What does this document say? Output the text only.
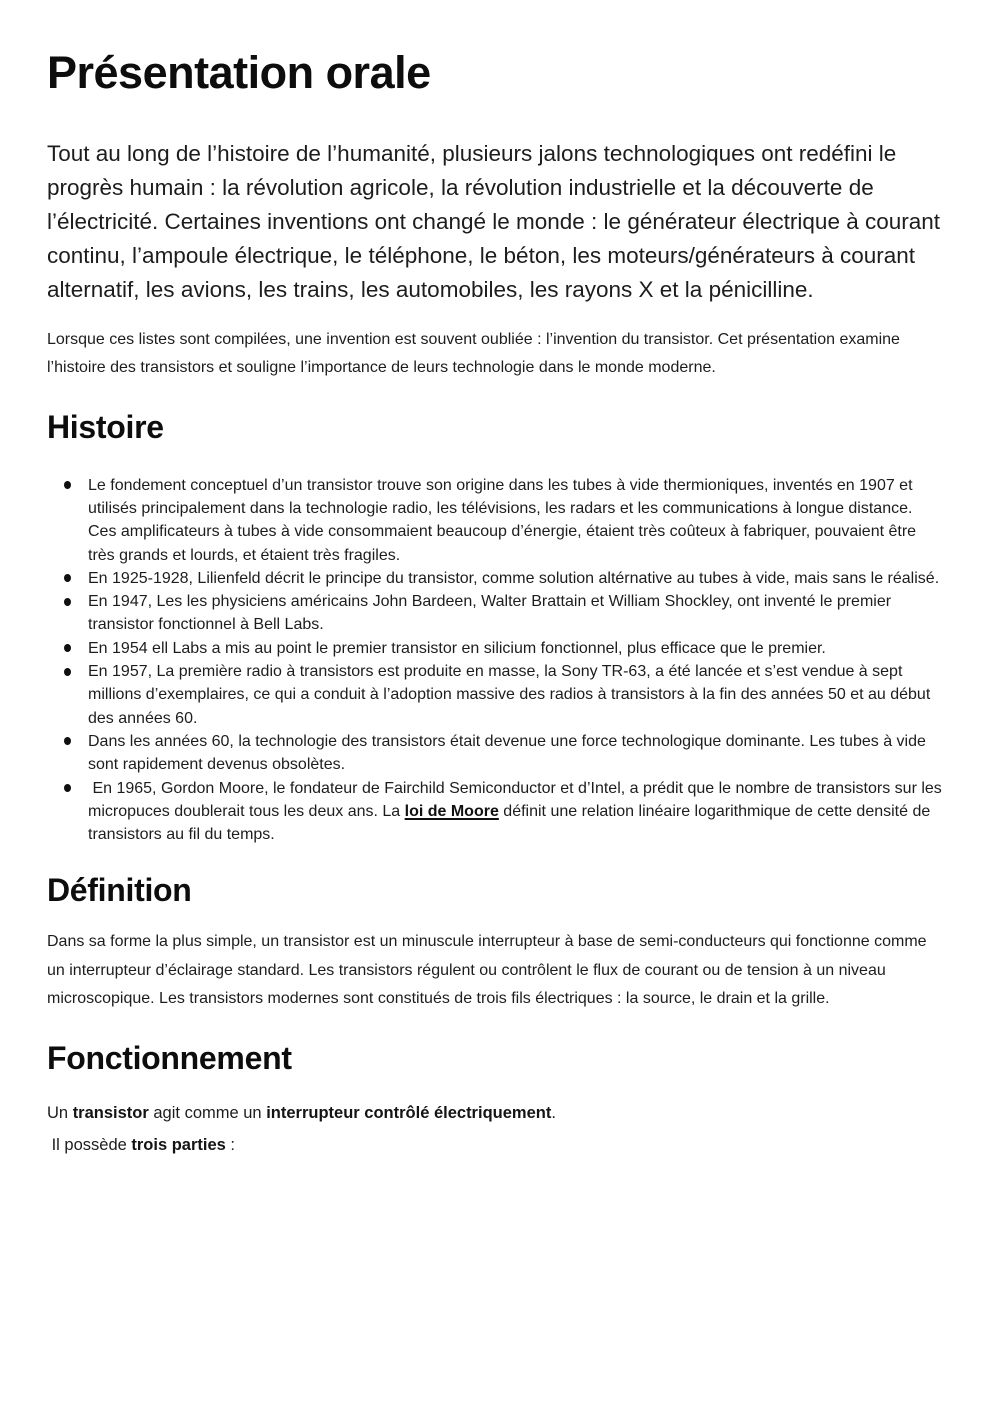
Présentation orale

Tout au long de l’histoire de l’humanité, plusieurs jalons technologiques ont redéfini le progrès humain : la révolution agricole, la révolution industrielle et la découverte de l’électricité. Certaines inventions ont changé le monde : le générateur électrique à courant continu, l’ampoule électrique, le téléphone, le béton, les moteurs/générateurs à courant alternatif, les avions, les trains, les automobiles, les rayons X et la pénicilline.

Lorsque ces listes sont compilées, une invention est souvent oubliée : l’invention du transistor. Cet présentation examine l’histoire des transistors et souligne l’importance de leurs technologie dans le monde moderne.

Histoire
Le fondement conceptuel d’un transistor trouve son origine dans les tubes à vide thermioniques, inventés en 1907 et utilisés principalement dans la technologie radio, les télévisions, les radars et les communications à longue distance. Ces amplificateurs à tubes à vide consommaient beaucoup d’énergie, étaient très coûteux à fabriquer, pouvaient être très grands et lourds, et étaient très fragiles.
En 1925-1928, Lilienfeld décrit le principe du transistor, comme solution altérnative au tubes à vide, mais sans le réalisé.
En 1947, Les les physiciens américains John Bardeen, Walter Brattain et William Shockley, ont inventé le premier transistor fonctionnel à Bell Labs.
En 1954 ell Labs a mis au point le premier transistor en silicium fonctionnel, plus efficace que le premier.
En 1957, La première radio à transistors est produite en masse, la Sony TR-63, a été lancée et s’est vendue à sept millions d’exemplaires, ce qui a conduit à l’adoption massive des radios à transistors à la fin des années 50 et au début des années 60.
Dans les années 60, la technologie des transistors était devenue une force technologique dominante. Les tubes à vide sont rapidement devenus obsolètes.
En 1965, Gordon Moore, le fondateur de Fairchild Semiconductor et d’Intel, a prédit que le nombre de transistors sur les micropuces doublerait tous les deux ans. La loi de Moore définit une relation linéaire logarithmique de cette densité de transistors au fil du temps.
Définition

Dans sa forme la plus simple, un transistor est un minuscule interrupteur à base de semi-conducteurs qui fonctionne comme un interrupteur d’éclairage standard. Les transistors régulent ou contrôlent le flux de courant ou de tension à un niveau microscopique. Les transistors modernes sont constitués de trois fils électriques : la source, le drain et la grille.

Fonctionnement

Un transistor agit comme un interrupteur contrôlé électriquement.

Il possède trois parties :
